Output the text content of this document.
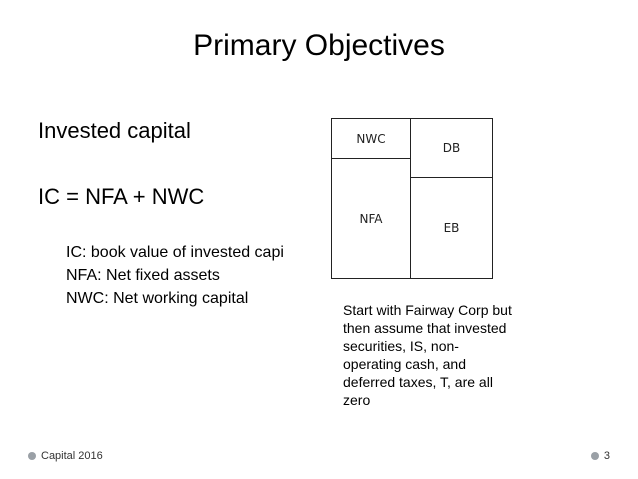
Primary Objectives
Invested capital
IC = NFA + NWC
IC: book value of invested capi
NFA: Net fixed assets
NWC: Net working capital
NWC
NFA
DB
EB
Start with Fairway Corp but then assume that invested securities, IS, non-operating cash, and deferred taxes, T, are all zero
Capital 2016	3
